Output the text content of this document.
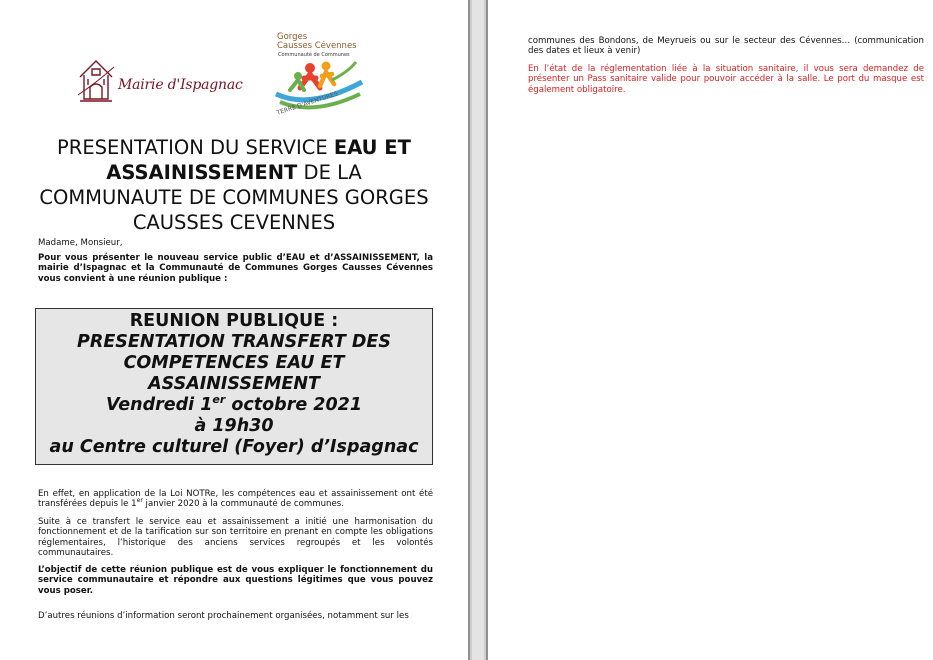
Mairie d'Ispagnac
Gorges
Causses Cévennes
Communauté de Communes
TERRE D'AVENTURES
PRESENTATION DU SERVICE EAU ET ASSAINISSEMENT DE LA COMMUNAUTE DE COMMUNES GORGES CAUSSES CEVENNES
Madame, Monsieur,
Pour vous présenter le nouveau service public d’EAU et d’ASSAINISSEMENT, la mairie d’Ispagnac et la Communauté de Communes Gorges Causses Cévennes vous convient à une réunion publique :
REUNION PUBLIQUE :
PRESENTATION TRANSFERT DES
COMPETENCES EAU ET
ASSAINISSEMENT
Vendredi 1er octobre 2021
à 19h30
au Centre culturel (Foyer) d’Ispagnac
En effet, en application de la Loi NOTRe, les compétences eau et assainissement ont été transférées depuis le 1er janvier 2020 à la communauté de communes.
Suite à ce transfert le service eau et assainissement a initié une harmonisation du fonctionnement et de la tarification sur son territoire en prenant en compte les obligations réglementaires, l’historique des anciens services regroupés et les volontés communautaires.
L’objectif de cette réunion publique est de vous expliquer le fonctionnement du service communautaire et répondre aux questions légitimes que vous pouvez vous poser.
D’autres réunions d’information seront prochainement organisées, notamment sur les
communes des Bondons, de Meyrueis ou sur le secteur des Cévennes… (communication des dates et lieux à venir)
En l’état de la réglementation liée à la situation sanitaire, il vous sera demandez de présenter un Pass sanitaire valide pour pouvoir accéder à la salle. Le port du masque est également obligatoire.
